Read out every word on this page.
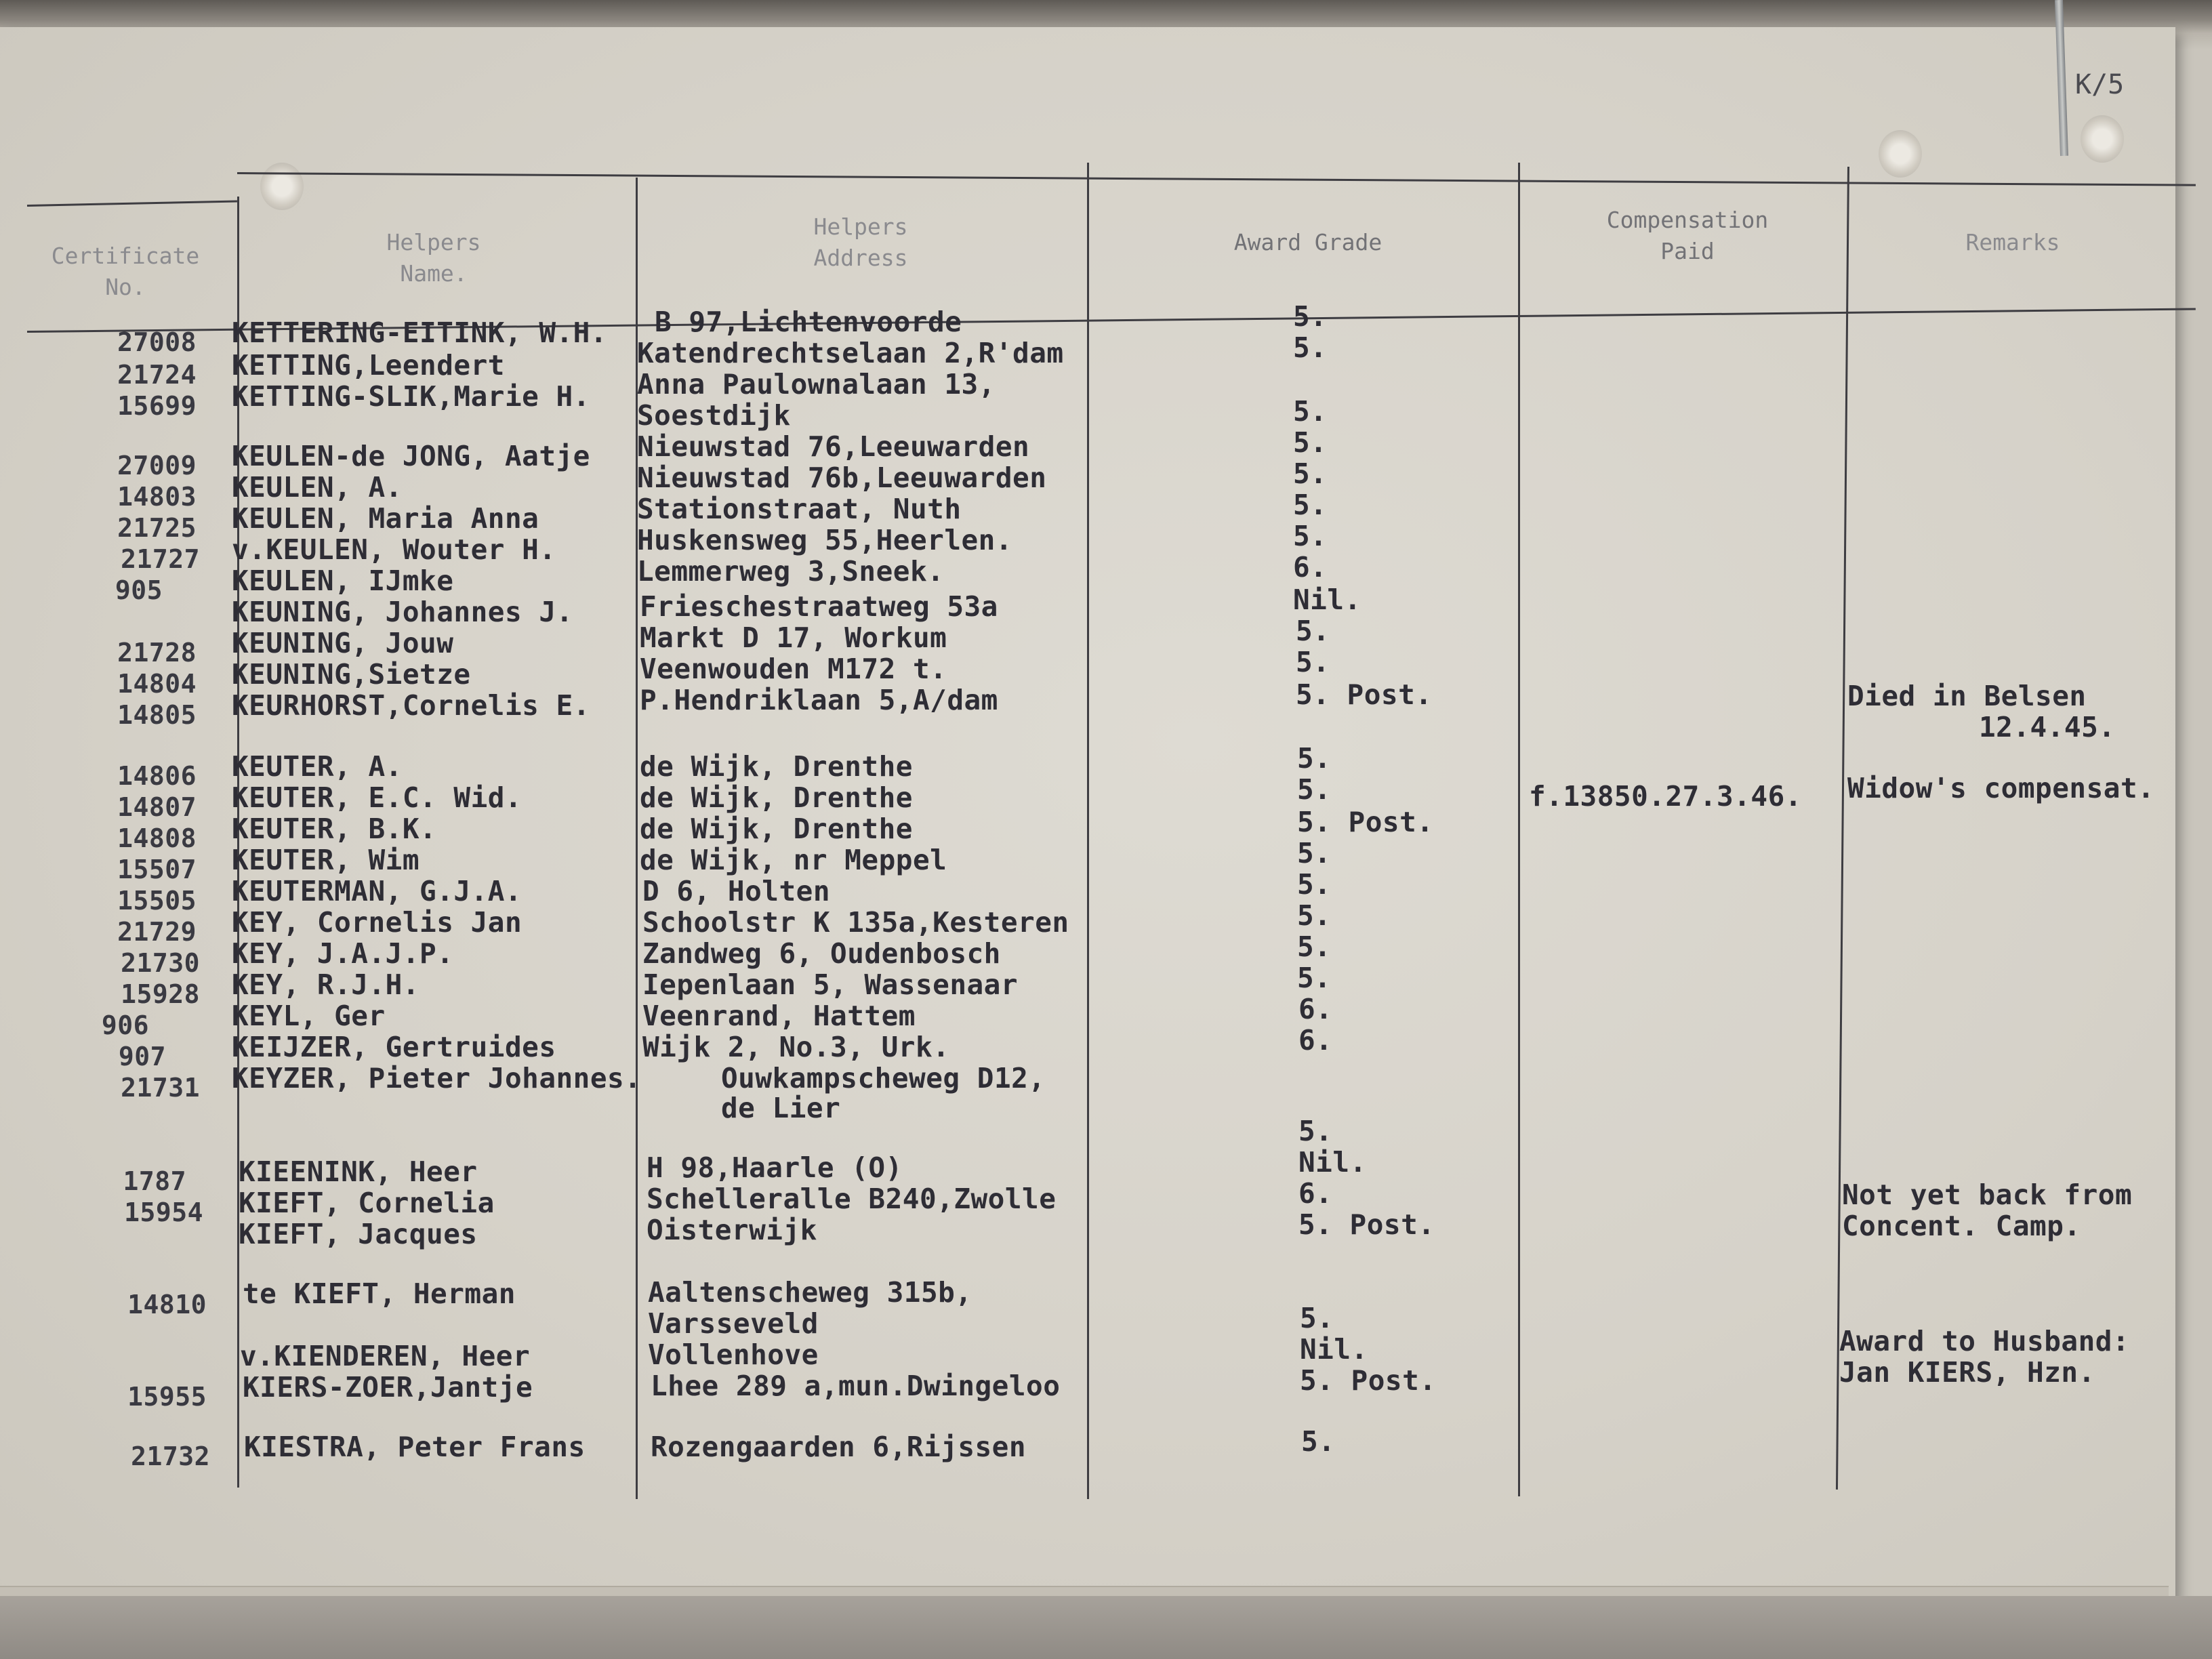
K/5
Certificate
No.
Helpers
Name.
Helpers
Address
Award Grade
Compensation
Paid	Remarks
27008
21724
15699
27009
14803
21725
21727
905
21728
14804
14805
14806
14807
14808
15507
15505
21729
21730
15928
906
907
21731
1787
15954
14810
15955
21732
KETTERING-EITINK, W.H.
KETTING,Leendert
KETTING-SLIK,Marie H.
KEULEN-de JONG, Aatje
KEULEN, A.
KEULEN, Maria Anna
v.KEULEN, Wouter H.
KEULEN, IJmke
KEUNING, Johannes J.
KEUNING, Jouw
KEUNING,Sietze
KEURHORST,Cornelis E.
KEUTER, A.
KEUTER, E.C. Wid.
KEUTER, B.K.
KEUTER, Wim
KEUTERMAN, G.J.A.
KEY, Cornelis Jan
KEY, J.A.J.P.
KEY, R.J.H.
KEYL, Ger
KEIJZER, Gertruides
KEYZER, Pieter Johannes.
KIEENINK, Heer
KIEFT, Cornelia
KIEFT, Jacques
te KIEFT, Herman
v.KIENDEREN, Heer
KIERS-ZOER,Jantje
KIESTRA, Peter Frans
B 97,Lichtenvoorde
Katendrechtselaan 2,R'dam
Anna Paulownalaan 13,
Soestdijk
Nieuwstad 76,Leeuwarden
Nieuwstad 76b,Leeuwarden
Stationstraat, Nuth
Huskensweg 55,Heerlen.
Lemmerweg 3,Sneek.
Frieschestraatweg 53a
Markt D 17, Workum
Veenwouden M172 t.
P.Hendriklaan 5,A/dam
de Wijk, Drenthe
de Wijk, Drenthe
de Wijk, Drenthe
de Wijk, nr Meppel
D 6, Holten
Schoolstr K 135a,Kesteren
Zandweg 6, Oudenbosch
Iepenlaan 5, Wassenaar
Veenrand, Hattem
Wijk 2, No.3, Urk.
Ouwkampscheweg D12,
de Lier
H 98,Haarle (O)
Schelleralle B240,Zwolle
Oisterwijk
Aaltenscheweg 315b,
Varsseveld
Vollenhove
Lhee 289 a,mun.Dwingeloo
Rozengaarden 6,Rijssen
5.
5.
5.
5.
5.
5.
5.
6.
Nil.
5.
5.
5. Post.
5.
5.
5. Post.
5.
5.
5.
5.
5.
6.
6.
5.
Nil.
6.
5. Post.
5.
Nil.
5. Post.
5.
f.13850.27.3.46.
Died in Belsen
12.4.45.
Widow's compensat.
Not yet back from
Concent. Camp.
Award to Husband:
Jan KIERS, Hzn.
